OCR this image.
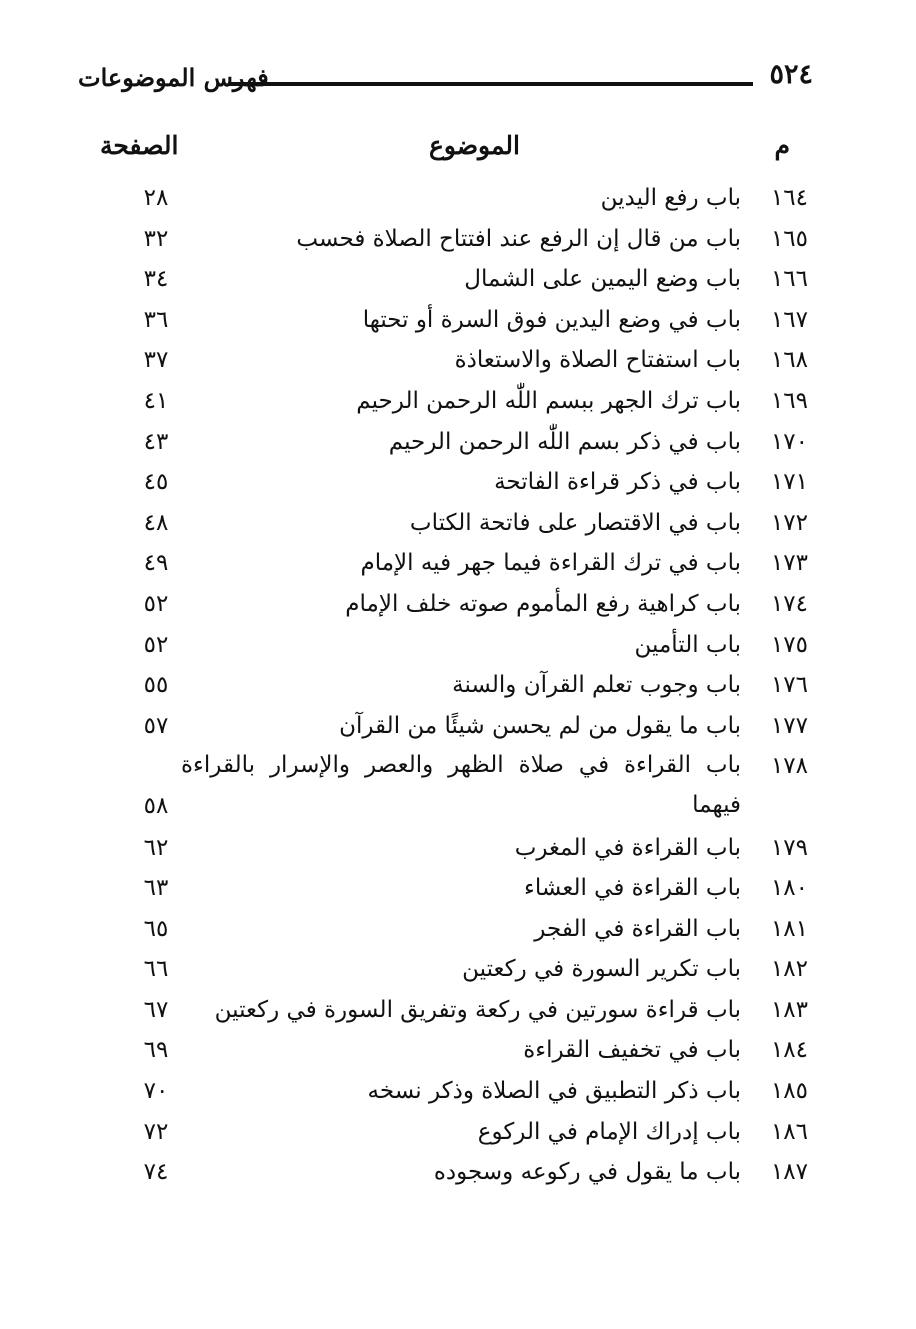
٥٢٤
فهرس الموضوعات
م
الموضوع
الصفحة
١٦٤
باب رفع اليدين
٢٨
١٦٥
باب من قال إن الرفع عند افتتاح الصلاة فحسب
٣٢
١٦٦
باب وضع اليمين على الشمال
٣٤
١٦٧
باب في وضع اليدين فوق السرة أو تحتها
٣٦
١٦٨
باب استفتاح الصلاة والاستعاذة
٣٧
١٦٩
باب ترك الجهر ببسم اللّٰه الرحمن الرحيم
٤١
١٧٠
باب في ذكر بسم اللّٰه الرحمن الرحيم
٤٣
١٧١
باب في ذكر قراءة الفاتحة
٤٥
١٧٢
باب في الاقتصار على فاتحة الكتاب
٤٨
١٧٣
باب في ترك القراءة فيما جهر فيه الإمام
٤٩
١٧٤
باب كراهية رفع المأموم صوته خلف الإمام
٥٢
١٧٥
باب التأمين
٥٢
١٧٦
باب وجوب تعلم القرآن والسنة
٥٥
١٧٧
باب ما يقول من لم يحسن شيئًا من القرآن
٥٧
١٧٨
باب القراءة في صلاة الظهر والعصر والإسرار بالقراءة فيهما
٥٨
١٧٩
باب القراءة في المغرب
٦٢
١٨٠
باب القراءة في العشاء
٦٣
١٨١
باب القراءة في الفجر
٦٥
١٨٢
باب تكرير السورة في ركعتين
٦٦
١٨٣
باب قراءة سورتين في ركعة وتفريق السورة في ركعتين
٦٧
١٨٤
باب في تخفيف القراءة
٦٩
١٨٥
باب ذكر التطبيق في الصلاة وذكر نسخه
٧٠
١٨٦
باب إدراك الإمام في الركوع
٧٢
١٨٧
باب ما يقول في ركوعه وسجوده
٧٤
